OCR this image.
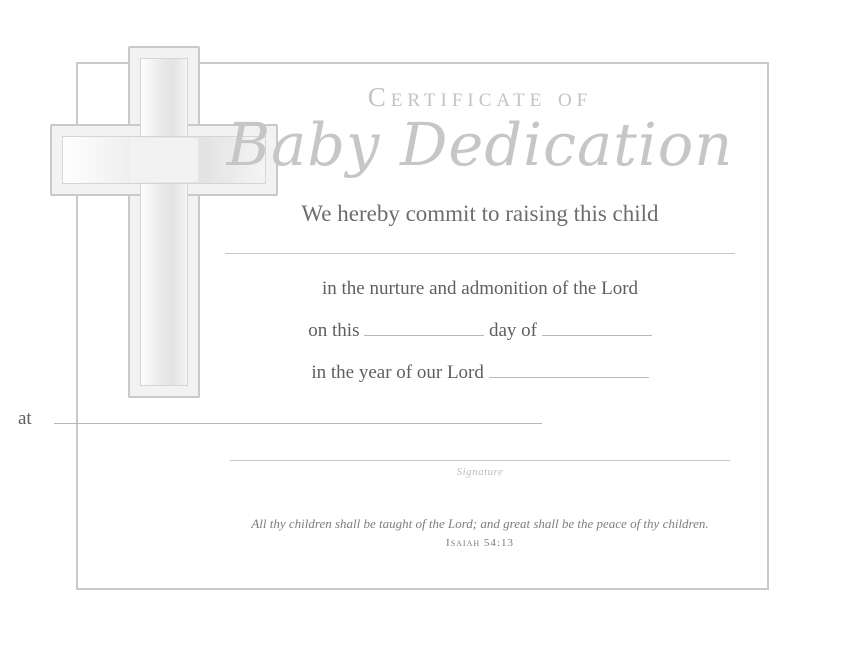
Certificate of
Baby Dedication
We hereby commit to raising this child
in the nurture and admonition of the Lord
on this	day of
in the year of our Lord
at
Signature
All thy children shall be taught of the Lord; and great shall be the peace of thy children.
Isaiah 54:13
